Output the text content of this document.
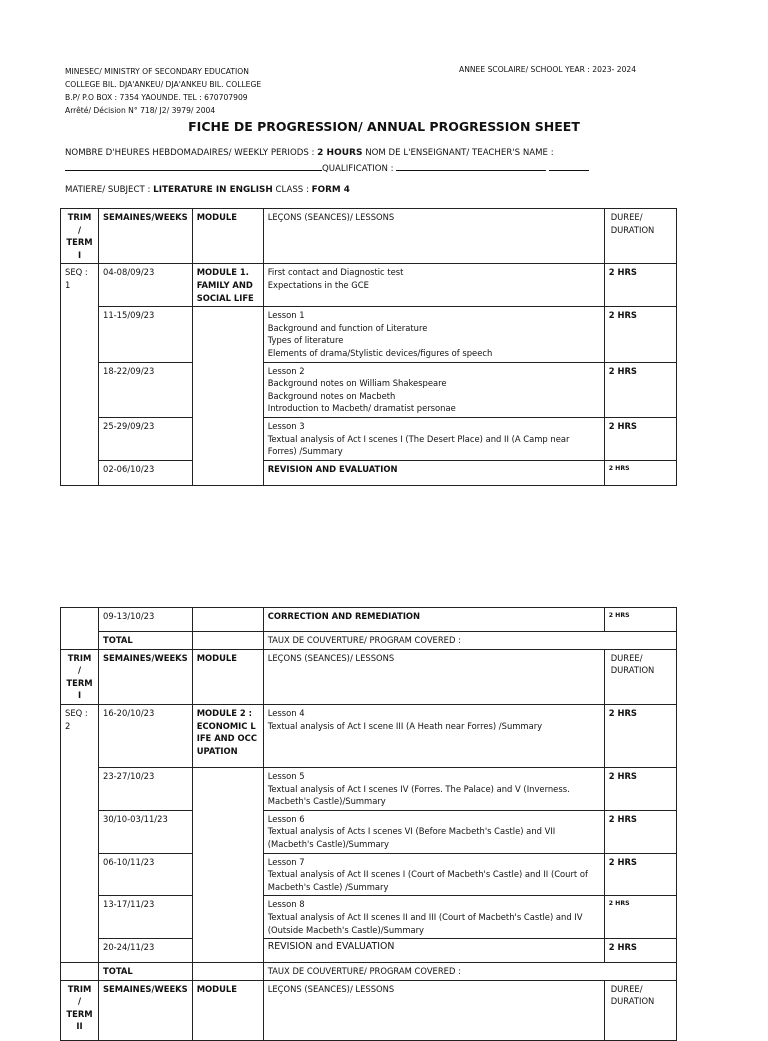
MINESEC/ MINISTRY OF SECONDARY EDUCATION
COLLEGE BIL. DJA'ANKEU/ DJA'ANKEU BIL. COLLEGE
B.P/ P.O BOX : 7354 YAOUNDE. TEL : 670707909
Arrêté/ Décision N° 718/ J2/ 3979/ 2004
ANNEE SCOLAIRE/ SCHOOL YEAR : 2023- 2024
FICHE DE PROGRESSION/ ANNUAL PROGRESSION SHEET
NOMBRE D'HEURES HEBDOMADAIRES/ WEEKLY PERIODS : 2 HOURS NOM DE L'ENSEIGNANT/ TEACHER'S NAME :
QUALIFICATION :
MATIERE/ SUBJECT : LITERATURE IN ENGLISH CLASS : FORM 4
TRIM / TERM I	SEMAINES/WEEKS	MODULE	LEÇONS (SEANCES)/ LESSONS	DUREE/ DURATION
SEQ : 1	04-08/09/23	MODULE 1. FAMILY AND SOCIAL LIFE	First contact and Diagnostic test
Expectations in the GCE	2 HRS
	11-15/09/23		Lesson 1
Background and function of Literature
Types of literature
Elements of drama/Stylistic devices/figures of speech	2 HRS
	18-22/09/23		Lesson 2
Background notes on William Shakespeare
Background notes on Macbeth
Introduction to Macbeth/ dramatist personae	2 HRS
	25-29/09/23		Lesson 3
Textual analysis of Act I scenes I (The Desert Place) and II (A Camp near Forres) /Summary	2 HRS
	02-06/10/23		REVISION AND EVALUATION	2 HRS
	09-13/10/23		CORRECTION AND REMEDIATION	2 HRS
	TOTAL		TAUX DE COUVERTURE/ PROGRAM COVERED :	
TRIM / TERM I	SEMAINES/WEEKS	MODULE	LEÇONS (SEANCES)/ LESSONS	DUREE/ DURATION
SEQ : 2	16-20/10/23	MODULE 2 : ECONOMIC LIFE AND OCCUPATION	Lesson 4
Textual analysis of Act I scene III (A Heath near Forres) /Summary	2 HRS
	23-27/10/23		Lesson 5
Textual analysis of Act I scenes IV (Forres. The Palace) and V (Inverness. Macbeth's Castle)/Summary	2 HRS
	30/10-03/11/23		Lesson 6
Textual analysis of Acts I scenes VI (Before Macbeth's Castle) and VII (Macbeth's Castle)/Summary	2 HRS
	06-10/11/23		Lesson 7
Textual analysis of Act II scenes I (Court of Macbeth's Castle) and II (Court of Macbeth's Castle) /Summary	2 HRS
	13-17/11/23		Lesson 8
Textual analysis of Act II scenes II and III (Court of Macbeth's Castle) and IV (Outside Macbeth's Castle)/Summary	2 HRS
	20-24/11/23		REVISION and EVALUATION	2 HRS
	TOTAL		TAUX DE COUVERTURE/ PROGRAM COVERED :	
TRIM / TERM II	SEMAINES/WEEKS	MODULE	LEÇONS (SEANCES)/ LESSONS	DUREE/ DURATION
